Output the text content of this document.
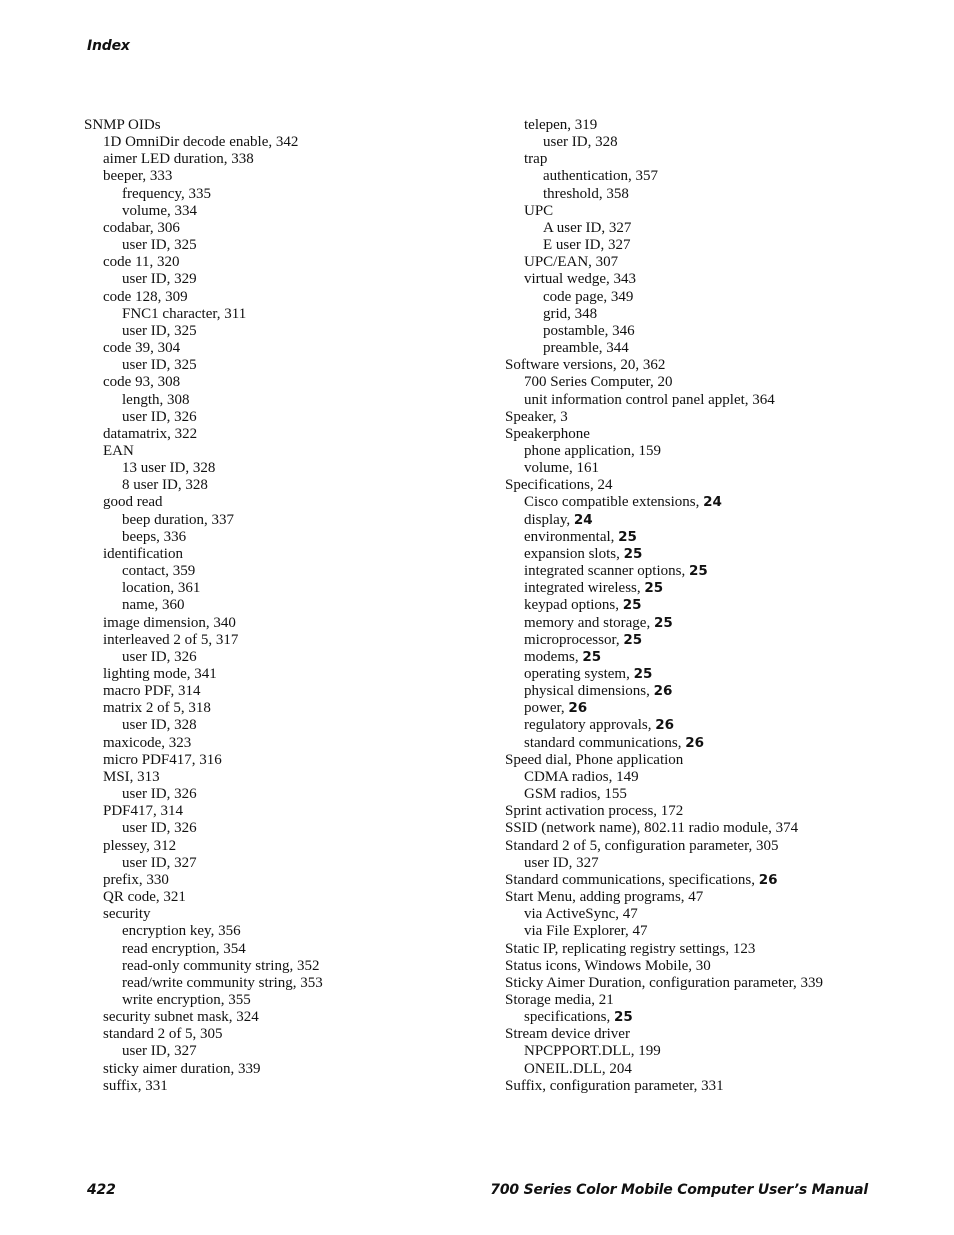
Index
SNMP OIDs
1D OmniDir decode enable, 342
aimer LED duration, 338
beeper, 333
frequency, 335
volume, 334
codabar, 306
user ID, 325
code 11, 320
user ID, 329
code 128, 309
FNC1 character, 311
user ID, 325
code 39, 304
user ID, 325
code 93, 308
length, 308
user ID, 326
datamatrix, 322
EAN
13 user ID, 328
8 user ID, 328
good read
beep duration, 337
beeps, 336
identification
contact, 359
location, 361
name, 360
image dimension, 340
interleaved 2 of 5, 317
user ID, 326
lighting mode, 341
macro PDF, 314
matrix 2 of 5, 318
user ID, 328
maxicode, 323
micro PDF417, 316
MSI, 313
user ID, 326
PDF417, 314
user ID, 326
plessey, 312
user ID, 327
prefix, 330
QR code, 321
security
encryption key, 356
read encryption, 354
read-only community string, 352
read/write community string, 353
write encryption, 355
security subnet mask, 324
standard 2 of 5, 305
user ID, 327
sticky aimer duration, 339
suffix, 331
telepen, 319
user ID, 328
trap
authentication, 357
threshold, 358
UPC
A user ID, 327
E user ID, 327
UPC/EAN, 307
virtual wedge, 343
code page, 349
grid, 348
postamble, 346
preamble, 344
Software versions, 20, 362
700 Series Computer, 20
unit information control panel applet, 364
Speaker, 3
Speakerphone
phone application, 159
volume, 161
Specifications, 24
Cisco compatible extensions, 24
display, 24
environmental, 25
expansion slots, 25
integrated scanner options, 25
integrated wireless, 25
keypad options, 25
memory and storage, 25
microprocessor, 25
modems, 25
operating system, 25
physical dimensions, 26
power, 26
regulatory approvals, 26
standard communications, 26
Speed dial, Phone application
CDMA radios, 149
GSM radios, 155
Sprint activation process, 172
SSID (network name), 802.11 radio module, 374
Standard 2 of 5, configuration parameter, 305
user ID, 327
Standard communications, specifications, 26
Start Menu, adding programs, 47
via ActiveSync, 47
via File Explorer, 47
Static IP, replicating registry settings, 123
Status icons, Windows Mobile, 30
Sticky Aimer Duration, configuration parameter, 339
Storage media, 21
specifications, 25
Stream device driver
NPCPPORT.DLL, 199
ONEIL.DLL, 204
Suffix, configuration parameter, 331
422	700 Series Color Mobile Computer User’s Manual
